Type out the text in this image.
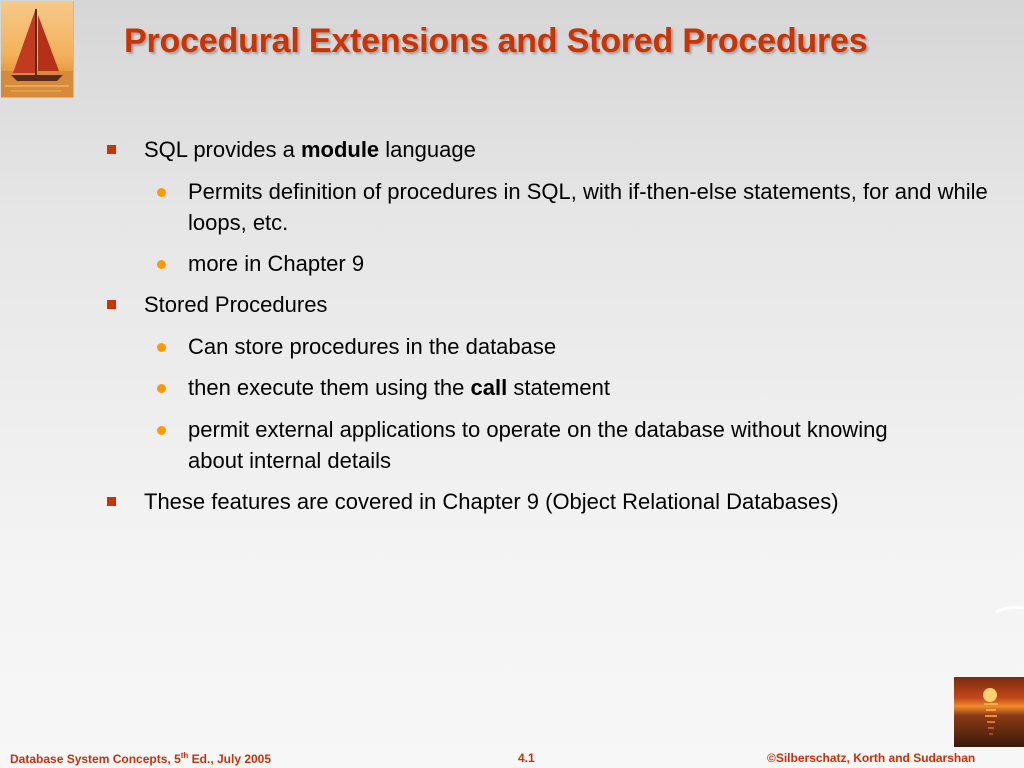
Procedural Extensions and Stored Procedures
SQL provides a module language
Permits definition of procedures in SQL, with if-then-else statements, for and while loops, etc.
more in Chapter 9
Stored Procedures
Can store procedures in the database
then execute them using the call statement
permit external applications to operate on the database without knowing about internal details
These features are covered in Chapter 9 (Object Relational Databases)
Database System Concepts, 5th Ed., July 2005	4.1	©Silberschatz, Korth and Sudarshan
